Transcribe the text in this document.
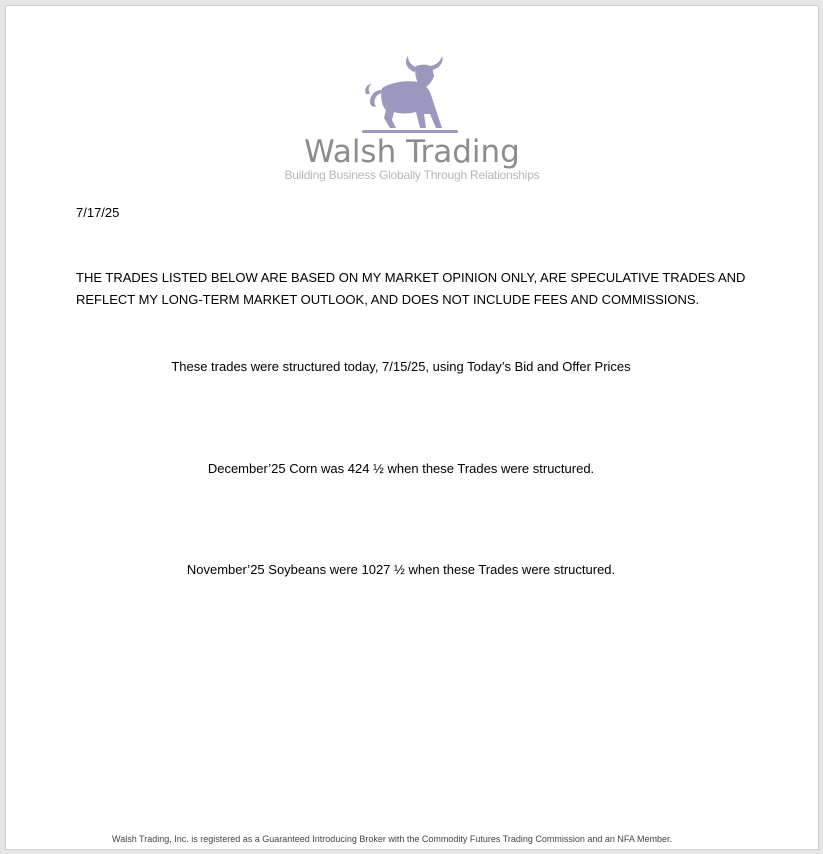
Walsh Trading
Building Business Globally Through Relationships
7/17/25
THE TRADES LISTED BELOW ARE BASED ON MY MARKET OPINION ONLY, ARE SPECULATIVE TRADES AND REFLECT MY LONG-TERM MARKET OUTLOOK, AND DOES NOT INCLUDE FEES AND COMMISSIONS.
These trades were structured today, 7/15/25, using Today’s Bid and Offer Prices
December’25 Corn was 424 ½ when these Trades were structured.
November’25 Soybeans were 1027 ½ when these Trades were structured.
Walsh Trading, Inc. is registered as a Guaranteed Introducing Broker with the Commodity Futures Trading Commission and an NFA Member.
